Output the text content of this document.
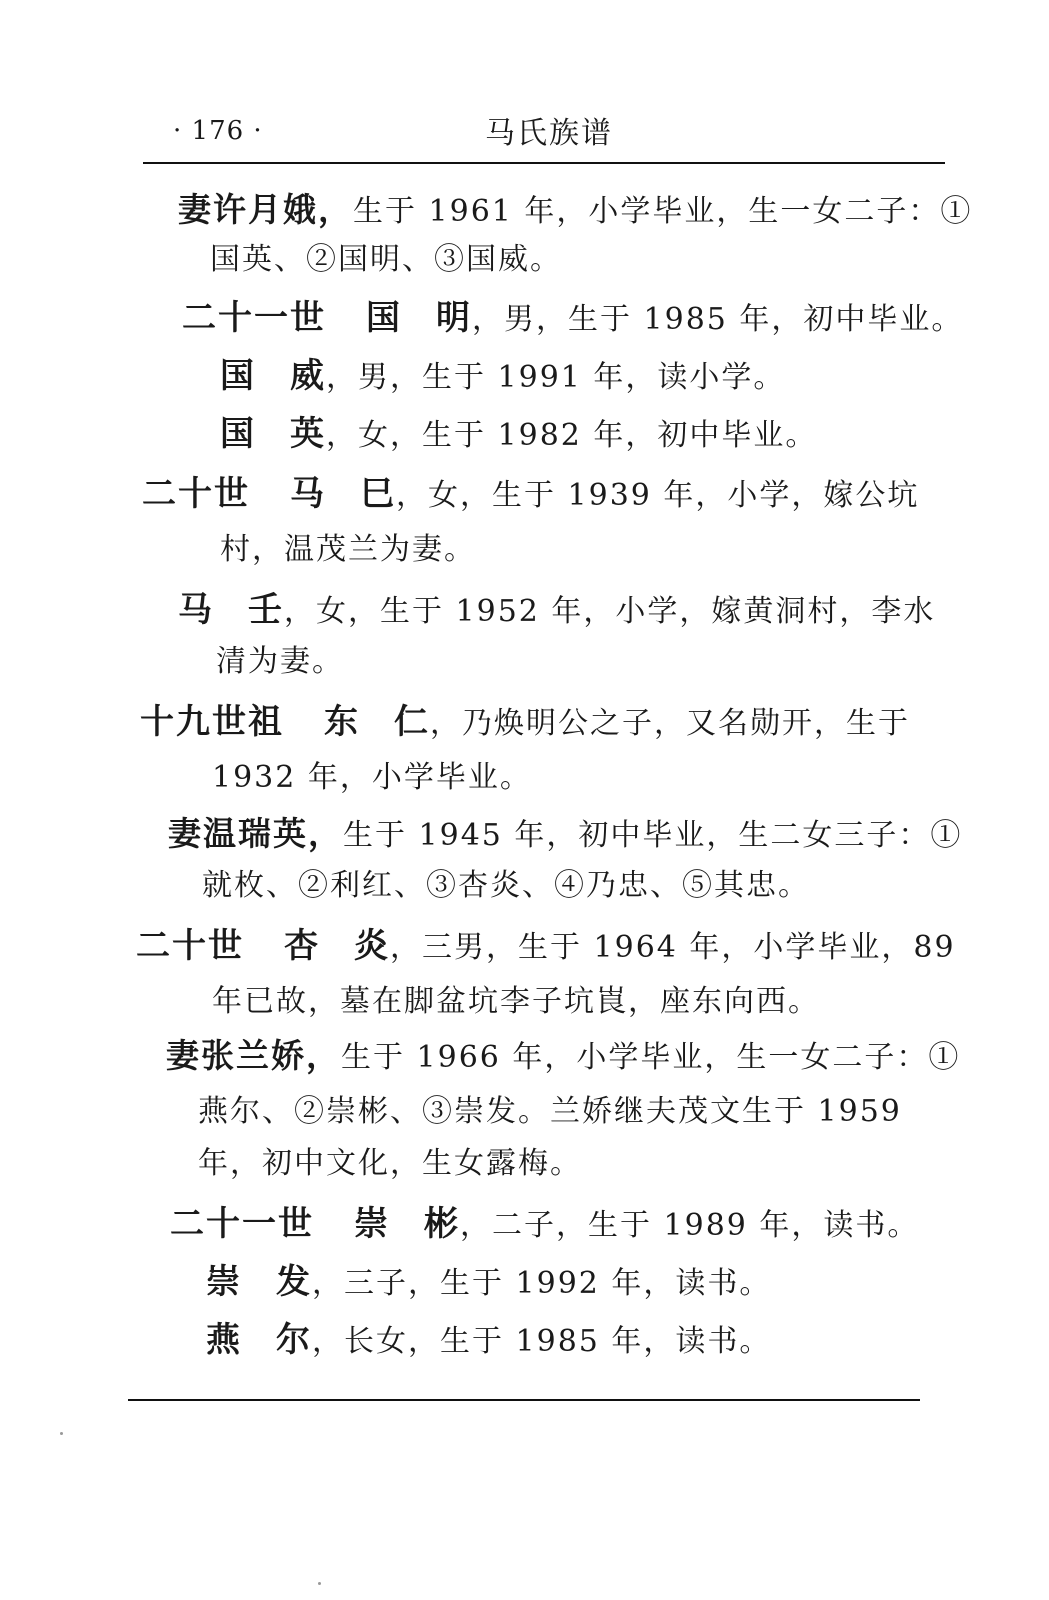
· 176 ·	马氏族谱
妻许月娥，生于 1961 年，小学毕业，生一女二子：①
国英、②国明、③国威。
二十一世 国明，男，生于 1985 年，初中毕业。
国威，男，生于 1991 年，读小学。
国英，女，生于 1982 年，初中毕业。
二十世 马巳，女，生于 1939 年，小学，嫁公坑
村，温茂兰为妻。
马壬，女，生于 1952 年，小学，嫁黄洞村，李水
清为妻。
十九世祖 东仁，乃焕明公之子，又名勋开，生于
1932 年，小学毕业。
妻温瑞英，生于 1945 年，初中毕业，生二女三子：①
就枚、②利红、③杏炎、④乃忠、⑤其忠。
二十世 杏炎，三男，生于 1964 年，小学毕业，89
年已故，墓在脚盆坑李子坑崀，座东向西。
妻张兰娇，生于 1966 年，小学毕业，生一女二子：①
燕尔、②崇彬、③崇发。兰娇继夫茂文生于 1959
年，初中文化，生女露梅。
二十一世 崇彬，二子，生于 1989 年，读书。
崇发，三子，生于 1992 年，读书。
燕尔，长女，生于 1985 年，读书。
